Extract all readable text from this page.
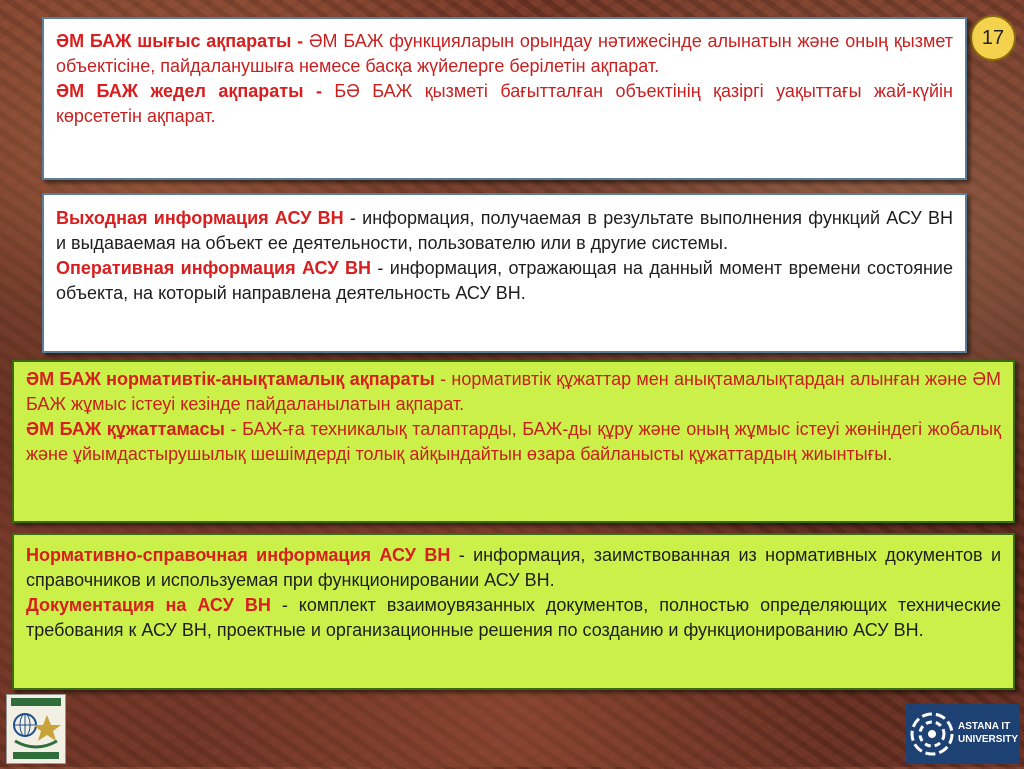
17
ӘМ БАЖ шығыс ақпараты - ӘМ БАЖ функцияларын орындау нәтижесінде алынатын және оның қызмет объектісіне, пайдаланушыға немесе басқа жүйелерге берілетін ақпарат.
ӘМ БАЖ жедел ақпараты - БӘ БАЖ қызметі бағытталған объектінің қазіргі уақыттағы жай-күйін көрсететін ақпарат.
Выходная информация АСУ ВН - информация, получаемая в результате выполнения функций АСУ ВН и выдаваемая на объект ее деятельности, пользователю или в другие системы.
Оперативная информация АСУ ВН - информация, отражающая на данный момент времени состояние объекта, на который направлена деятельность АСУ ВН.
ӘМ БАЖ нормативтік-анықтамалық ақпараты - нормативтік құжаттар мен анықтамалықтардан алынған және ӘМ БАЖ жұмыс істеуі кезінде пайдаланылатын ақпарат.
ӘМ БАЖ құжаттамасы - БАЖ-ға техникалық талаптарды, БАЖ-ды құру және оның жұмыс істеуі жөніндегі жобалық және ұйымдастырушылық шешімдерді толық айқындайтын өзара байланысты құжаттардың жиынтығы.
Нормативно-справочная информация АСУ ВН - информация, заимствованная из нормативных документов и справочников и используемая при функционировании АСУ ВН.
Документация на АСУ ВН - комплект взаимоувязанных документов, полностью определяющих технические требования к АСУ ВН, проектные и организационные решения по созданию и функционированию АСУ ВН.
ASTANA IT
UNIVERSITY
